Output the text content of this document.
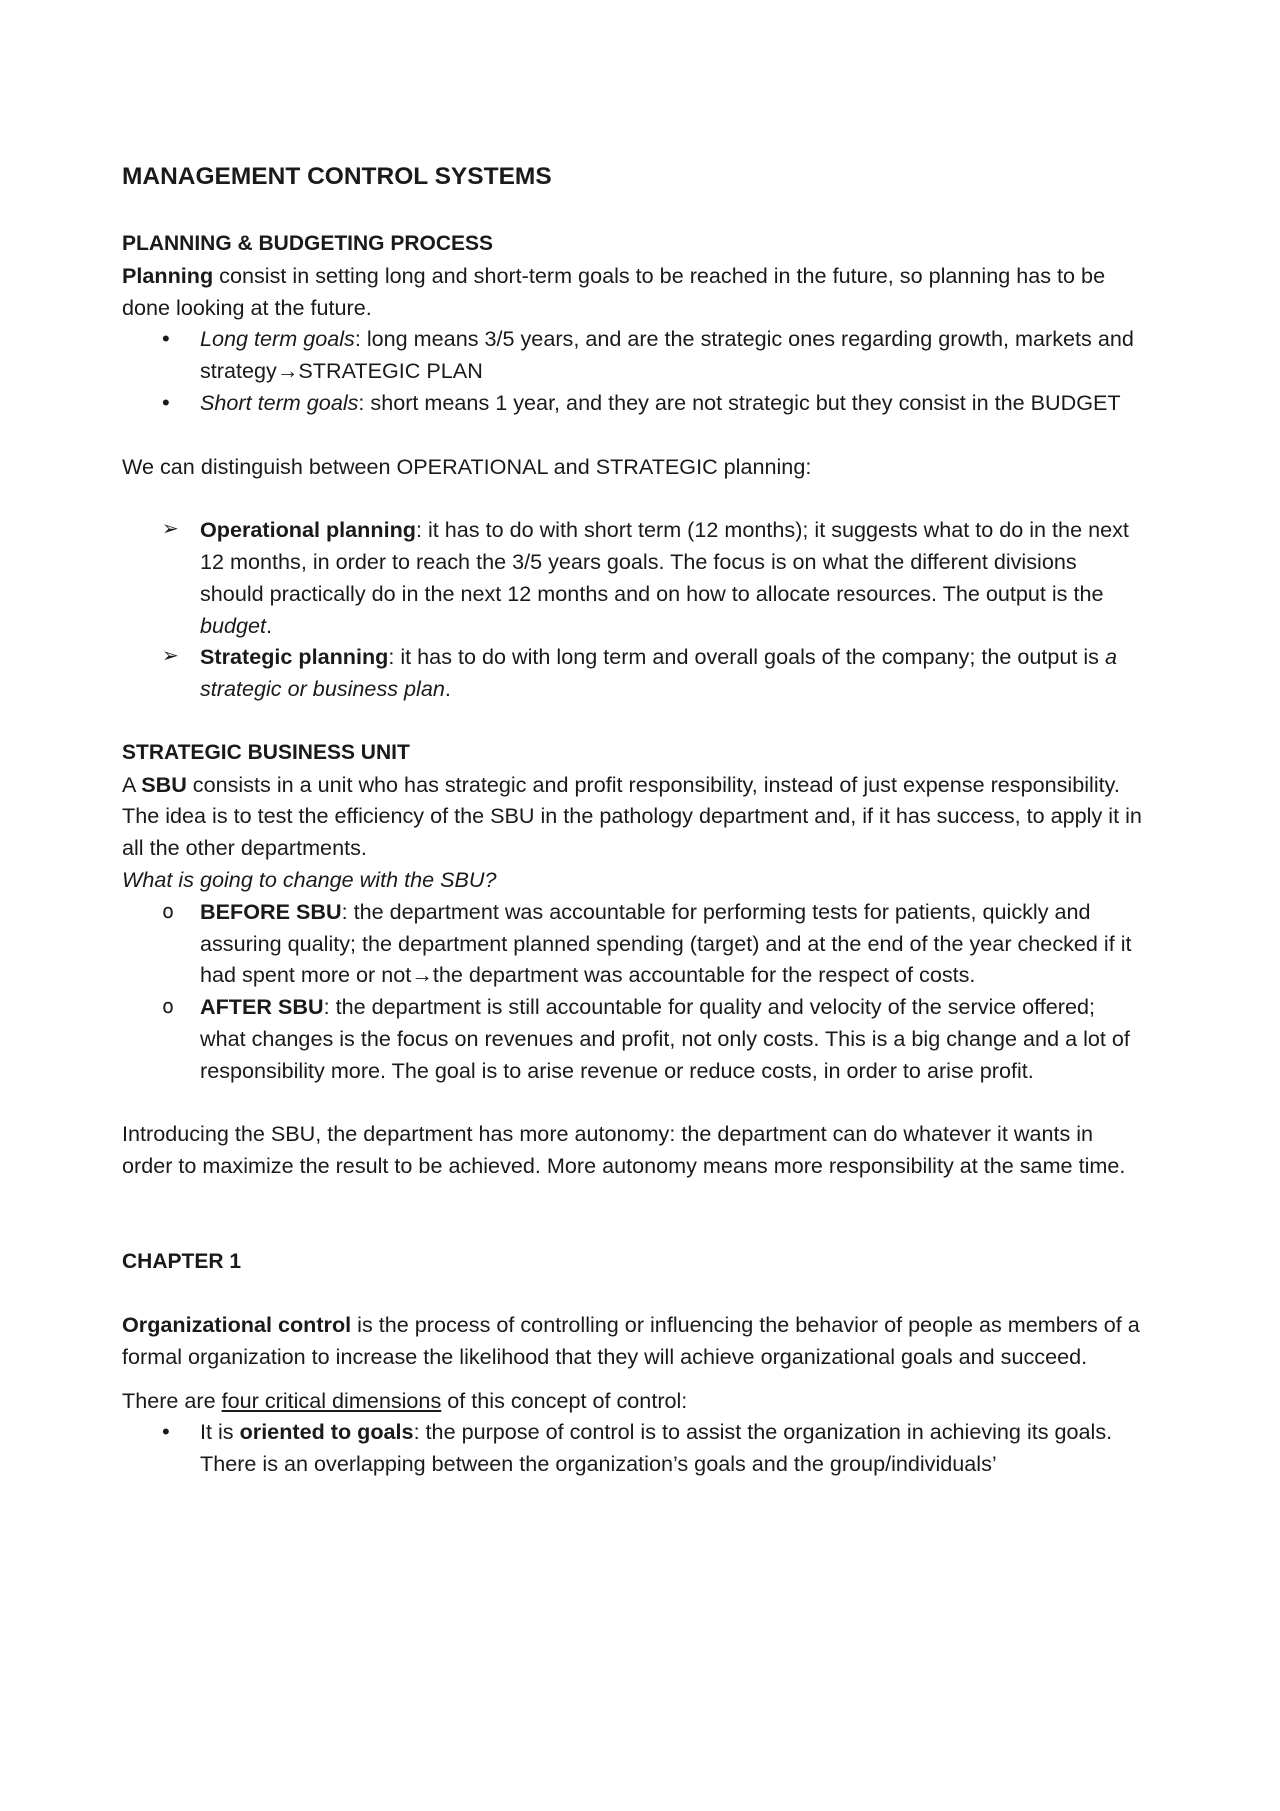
MANAGEMENT CONTROL SYSTEMS

PLANNING & BUDGETING PROCESS

Planning consist in setting long and short-term goals to be reached in the future, so planning has to be done looking at the future.

•	Long term goals: long means 3/5 years, and are the strategic ones regarding growth, markets and strategy→STRATEGIC PLAN
•	Short term goals: short means 1 year, and they are not strategic but they consist in the BUDGET

We can distinguish between OPERATIONAL and STRATEGIC planning:

➢ Operational planning: it has to do with short term (12 months); it suggests what to do in the next 12 months, in order to reach the 3/5 years goals. The focus is on what the different divisions should practically do in the next 12 months and on how to allocate resources. The output is the budget.
➢ Strategic planning: it has to do with long term and overall goals of the company; the output is a strategic or business plan.

STRATEGIC BUSINESS UNIT

A SBU consists in a unit who has strategic and profit responsibility, instead of just expense responsibility.

The idea is to test the efficiency of the SBU in the pathology department and, if it has success, to apply it in all the other departments.

What is going to change with the SBU?

o	BEFORE SBU: the department was accountable for performing tests for patients, quickly and assuring quality; the department planned spending (target) and at the end of the year checked if it had spent more or not→the department was accountable for the respect of costs.
o	AFTER SBU: the department is still accountable for quality and velocity of the service offered; what changes is the focus on revenues and profit, not only costs. This is a big change and a lot of responsibility more. The goal is to arise revenue or reduce costs, in order to arise profit.

Introducing the SBU, the department has more autonomy: the department can do whatever it wants in order to maximize the result to be achieved. More autonomy means more responsibility at the same time.

CHAPTER 1

Organizational control is the process of controlling or influencing the behavior of people as members of a formal organization to increase the likelihood that they will achieve organizational goals and succeed.

There are four critical dimensions of this concept of control:

•	It is oriented to goals: the purpose of control is to assist the organization in achieving its goals. There is an overlapping between the organization’s goals and the group/individuals’
